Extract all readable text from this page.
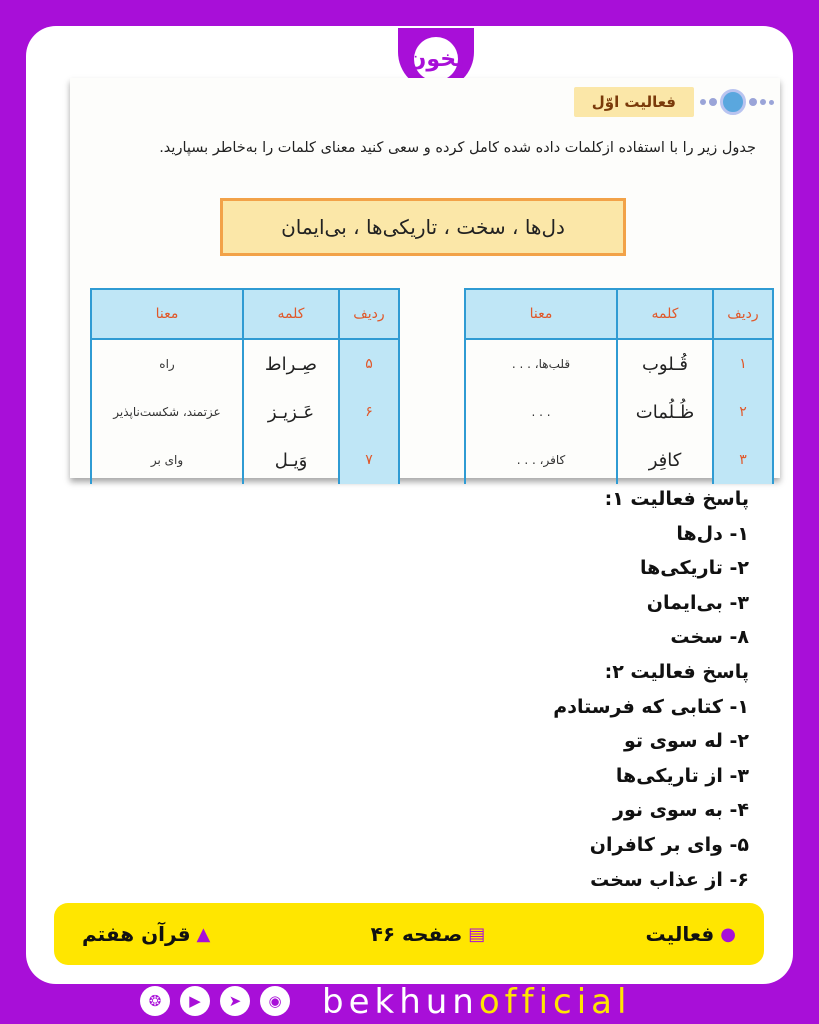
بخون
فعالیت اوّل
جدول زیر را با استفاده ازکلمات داده شده کامل کرده و سعی کنید معنای کلمات را به‌خاطر بسپارید.
دل‌ها ، سخت ، تاریکی‌ها ، بی‌ایمان
ردیف	کلمه	معنا
۱	قُـلوب	قلب‌ها، . . .
۲	ظُـلُمات	. . .
۳	کافِر	کافر، . . .
ردیف	کلمه	معنا
۵	صِـراط	راه
۶	عَـزیـز	عزتمند، شکست‌ناپذیر
۷	وَیـل	وای بر
پاسخ فعالیت ۱:
۱- دل‌ها
۲- تاریکی‌ها
۳- بی‌ایمان
۸- سخت
پاسخ فعالیت ۲:
۱- کتابی که فرستادم
۲- له سوی تو
۳- از تاریکی‌ها
۴- به سوی نور
۵- وای بر کافران
۶- از عذاب سخت
●
فعالیت
▤
صفحه ۴۶
▲
قرآن هفتم
❂	▶	➤	◉ bekhunofficial
